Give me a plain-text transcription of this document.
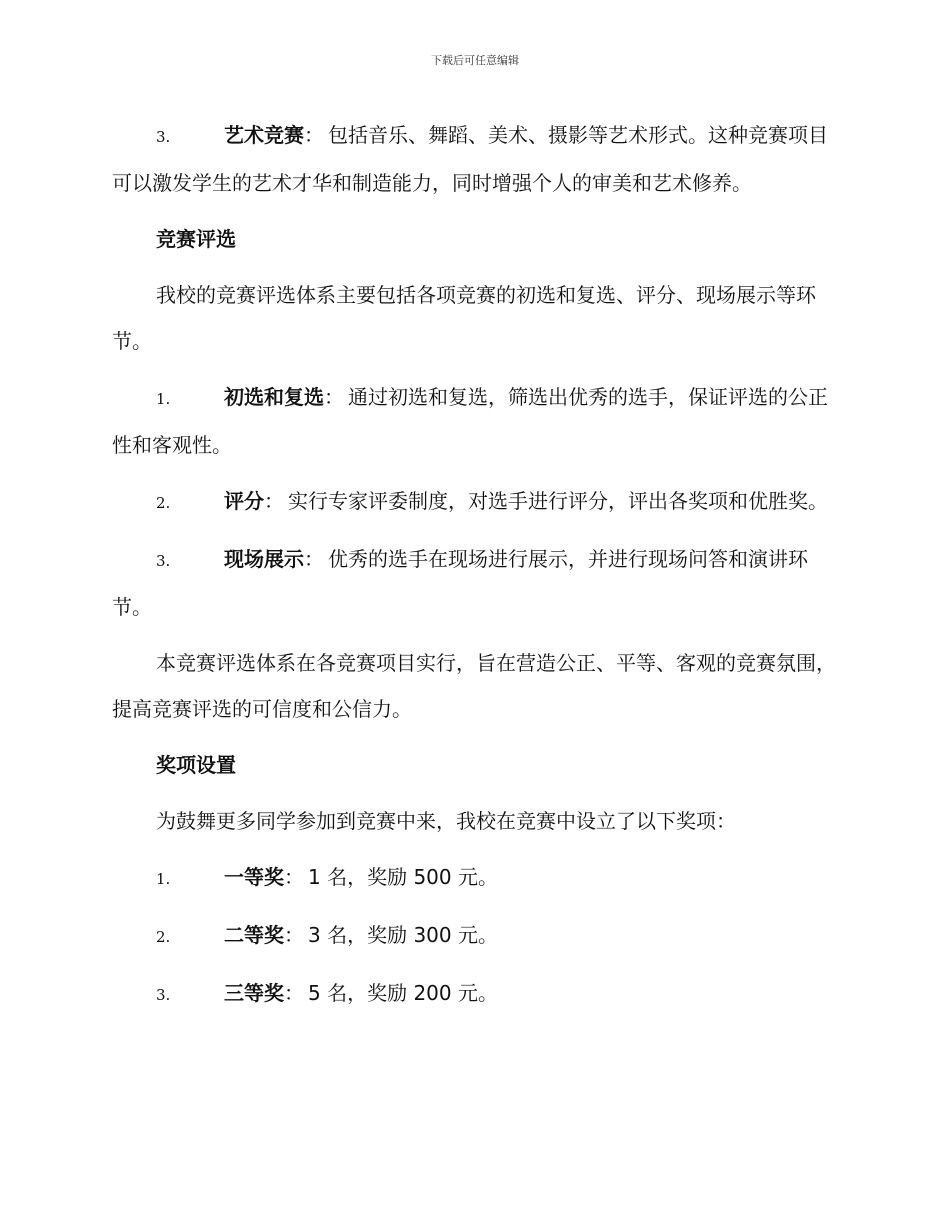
下载后可任意编辑

3.	艺术竞赛： 包括音乐、舞蹈、美术、摄影等艺术形式。这种竞赛项目可以激发学生的艺术才华和制造能力，同时增强个人的审美和艺术修养。

竞赛评选

我校的竞赛评选体系主要包括各项竞赛的初选和复选、评分、现场展示等环节。

1.	初选和复选： 通过初选和复选，筛选出优秀的选手，保证评选的公正性和客观性。

2.	评分： 实行专家评委制度，对选手进行评分，评出各奖项和优胜奖。

3.	现场展示： 优秀的选手在现场进行展示，并进行现场问答和演讲环节。

本竞赛评选体系在各竞赛项目实行，旨在营造公正、平等、客观的竞赛氛围，提高竞赛评选的可信度和公信力。

奖项设置

为鼓舞更多同学参加到竞赛中来，我校在竞赛中设立了以下奖项：

1.	一等奖： 1 名，奖励 500 元。

2.	二等奖： 3 名，奖励 300 元。

3.	三等奖： 5 名，奖励 200 元。
